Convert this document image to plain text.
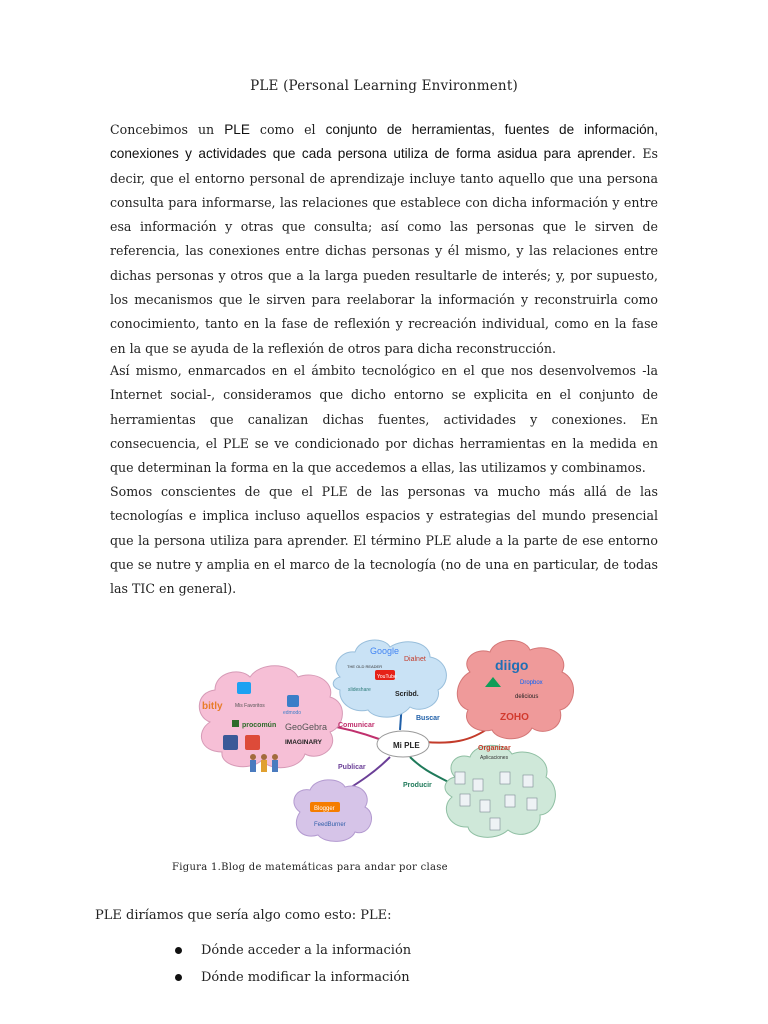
PLE (Personal Learning Environment)

Concebimos un PLE como el conjunto de herramientas, fuentes de información, conexiones y actividades que cada persona utiliza de forma asidua para aprender. Es decir, que el entorno personal de aprendizaje incluye tanto aquello que una persona consulta para informarse, las relaciones que establece con dicha información y entre esa información y otras que consulta; así como las personas que le sirven de referencia, las conexiones entre dichas personas y él mismo, y las relaciones entre dichas personas y otros que a la larga pueden resultarle de interés; y, por supuesto, los mecanismos que le sirven para reelaborar la información y reconstruirla como conocimiento, tanto en la fase de reflexión y recreación individual, como en la fase en la que se ayuda de la reflexión de otros para dicha reconstrucción.

Así mismo, enmarcados en el ámbito tecnológico en el que nos desenvolvemos -la Internet social-, consideramos que dicho entorno se explicita en el conjunto de herramientas que canalizan dichas fuentes, actividades y conexiones. En consecuencia, el PLE se ve condicionado por dichas herramientas en la medida en que determinan la forma en la que accedemos a ellas, las utilizamos y combinamos.

Somos conscientes de que el PLE de las personas va mucho más allá de las tecnologías e implica incluso aquellos espacios y estrategias del mundo presencial que la persona utiliza para aprender. El término PLE alude a la parte de ese entorno que se nutre y amplia en el marco de la tecnología (no de una en particular, de todas las TIC en general).

bitly Mis Favoritos
edmodo
procomún GeoGebra
IMAGINARY
Google
Dialnet
THE OLD READER
YouTube
slideshare
Scribd.
diigo
Dropbox
delicious
ZOHO
Blogger
FeedBurner
Aplicaciones
Mi PLE
Comunicar
Buscar
Organizar
Publicar
Producir
Figura 1.Blog de matemáticas para andar por clase
PLE diríamos que sería algo como esto: PLE:
Dónde acceder a la información
Dónde modificar la información
